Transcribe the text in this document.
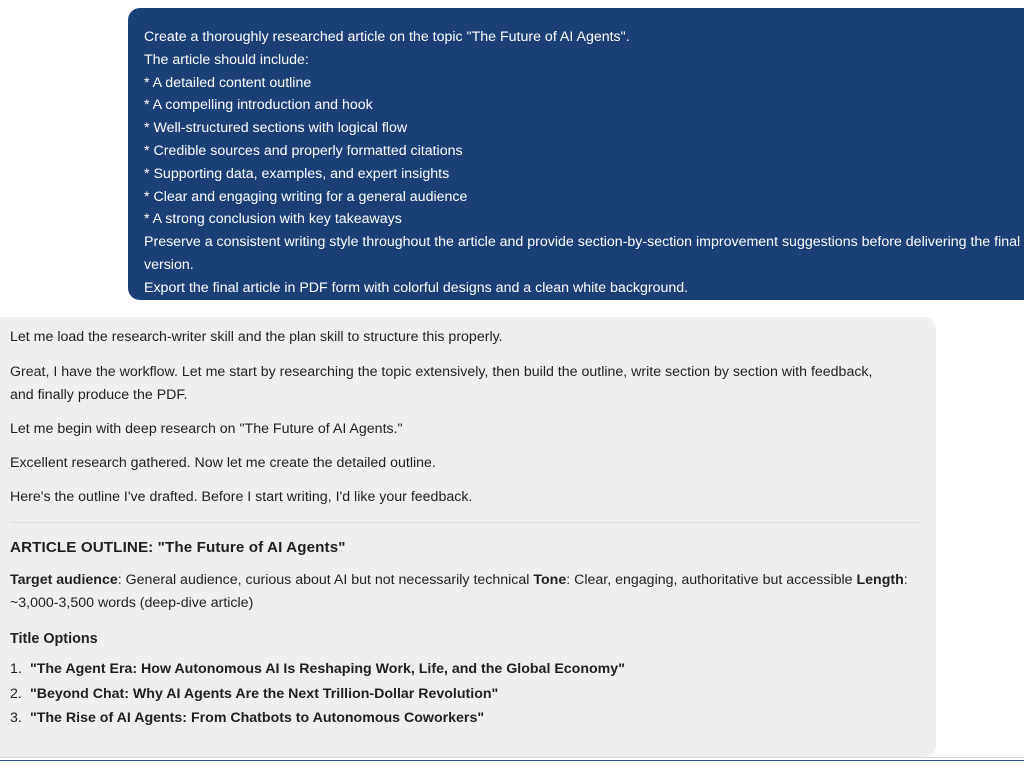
Create a thoroughly researched article on the topic "The Future of AI Agents".
The article should include:
* A detailed content outline
* A compelling introduction and hook
* Well-structured sections with logical flow
* Credible sources and properly formatted citations
* Supporting data, examples, and expert insights
* Clear and engaging writing for a general audience
* A strong conclusion with key takeaways
Preserve a consistent writing style throughout the article and provide section-by-section improvement suggestions before delivering the final version.
Export the final article in PDF form with colorful designs and a clean white background.

Let me load the research-writer skill and the plan skill to structure this properly.

Great, I have the workflow. Let me start by researching the topic extensively, then build the outline, write section by section with feedback, and finally produce the PDF.

Let me begin with deep research on "The Future of AI Agents."

Excellent research gathered. Now let me create the detailed outline.

Here's the outline I've drafted. Before I start writing, I'd like your feedback.

ARTICLE OUTLINE: "The Future of AI Agents"

Target audience: General audience, curious about AI but not necessarily technical Tone: Clear, engaging, authoritative but accessible Length: ~3,000-3,500 words (deep-dive article)

Title Options
1. "The Agent Era: How Autonomous AI Is Reshaping Work, Life, and the Global Economy"
2. "Beyond Chat: Why AI Agents Are the Next Trillion-Dollar Revolution"
3. "The Rise of AI Agents: From Chatbots to Autonomous Coworkers"
